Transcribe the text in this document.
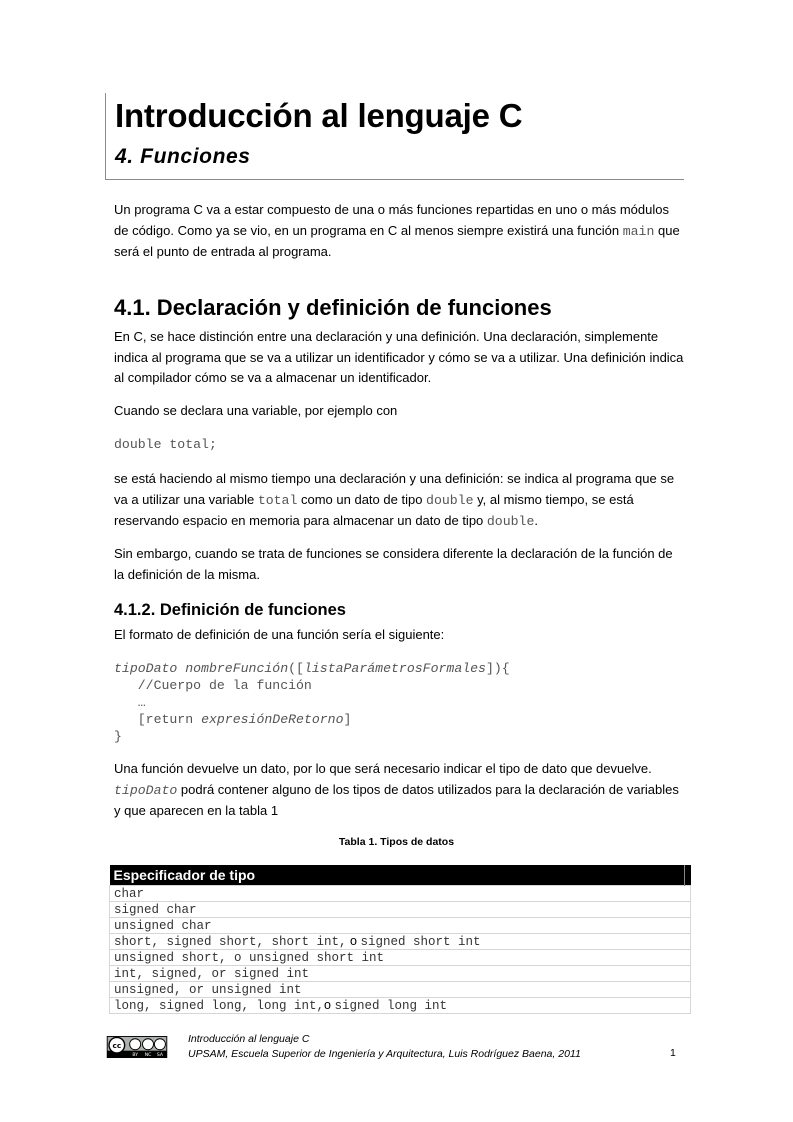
Introducción al lenguaje C
4. Funciones

Un programa C va a estar compuesto de una o más funciones repartidas en uno o más módulos de código. Como ya se vio, en un programa en C al menos siempre existirá una función main que será el punto de entrada al programa.

4.1. Declaración y definición de funciones

En C, se hace distinción entre una declaración y una definición. Una declaración, simplemente indica al programa que se va a utilizar un identificador y cómo se va a utilizar. Una definición indica al compilador cómo se va a almacenar un identificador.

Cuando se declara una variable, por ejemplo con

double total;

se está haciendo al mismo tiempo una declaración y una definición: se indica al programa que se va a utilizar una variable total como un dato de tipo double y, al mismo tiempo, se está reservando espacio en memoria para almacenar un dato de tipo double.

Sin embargo, cuando se trata de funciones se considera diferente la declaración de la función de la definición de la misma.

4.1.2. Definición de funciones

El formato de definición de una función sería el siguiente:

tipoDato nombreFunción([listaParámetrosFormales]){
//Cuerpo de la función
…
[return expresiónDeRetorno]
}

Una función devuelve un dato, por lo que será necesario indicar el tipo de dato que devuelve. tipoDato podrá contener alguno de los tipos de datos utilizados para la declaración de variables y que aparecen en la tabla 1

Tabla 1. Tipos de datos
Especificador de tipo	
char
signed char
unsigned char
short, signed short, short int, o signed short int
unsigned short, o unsigned short int
int, signed, or signed int
unsigned, or unsigned int
long, signed long, long int,o signed long int
cc
BY NC SA
Introducción al lenguaje C
UPSAM, Escuela Superior de Ingeniería y Arquitectura, Luis Rodríguez Baena, 2011	1
